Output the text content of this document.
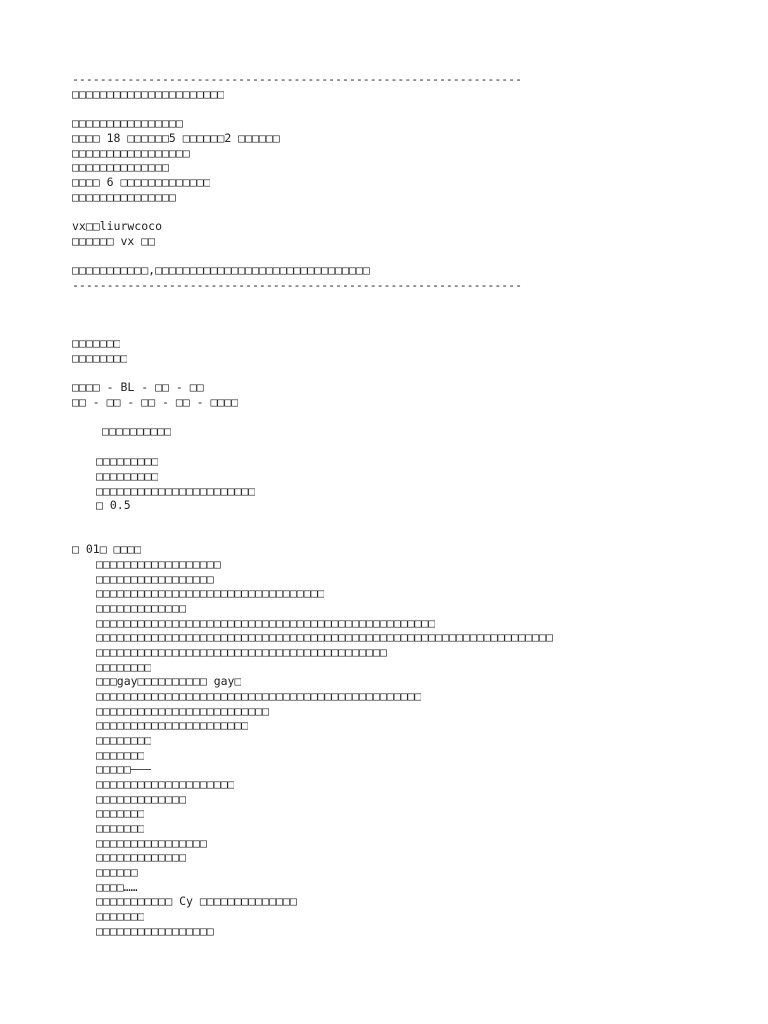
-----------------------------------------------------------------
□□□□□□□□□□□□□□□□□□□□□□
□□□□□□□□□□□□□□□□
□□□□ 18 □□□□□□5 □□□□□□2 □□□□□□
□□□□□□□□□□□□□□□□□
□□□□□□□□□□□□□□
□□□□ 6 □□□□□□□□□□□□□
□□□□□□□□□□□□□□□
vx□□liurwcoco
□□□□□□ vx □□
□□□□□□□□□□□,□□□□□□□□□□□□□□□□□□□□□□□□□□□□□□□
-----------------------------------------------------------------
□□□□□□□
□□□□□□□□
□□□□ - BL - □□ - □□
□□ - □□ - □□ - □□ - □□□□
□□□□□□□□□□
□□□□□□□□□
□□□□□□□□□
□□□□□□□□□□□□□□□□□□□□□□□
□ 0.5
□ 01□ □□□□
□□□□□□□□□□□□□□□□□□
□□□□□□□□□□□□□□□□□
□□□□□□□□□□□□□□□□□□□□□□□□□□□□□□□□□
□□□□□□□□□□□□□
□□□□□□□□□□□□□□□□□□□□□□□□□□□□□□□□□□□□□□□□□□□□□□□□□
□□□□□□□□□□□□□□□□□□□□□□□□□□□□□□□□□□□□□□□□□□□□□□□□□□□□□□□□□□□□□□□□□□
□□□□□□□□□□□□□□□□□□□□□□□□□□□□□□□□□□□□□□□□□□
□□□□□□□□
□□□gay□□□□□□□□□□ gay□
□□□□□□□□□□□□□□□□□□□□□□□□□□□□□□□□□□□□□□□□□□□□□□□
□□□□□□□□□□□□□□□□□□□□□□□□□
□□□□□□□□□□□□□□□□□□□□□□
□□□□□□□□
□□□□□□□
□□□□□———
□□□□□□□□□□□□□□□□□□□□
□□□□□□□□□□□□□
□□□□□□□
□□□□□□□
□□□□□□□□□□□□□□□□
□□□□□□□□□□□□□
□□□□□□
□□□□……
□□□□□□□□□□□ Cy □□□□□□□□□□□□□□
□□□□□□□
□□□□□□□□□□□□□□□□□
